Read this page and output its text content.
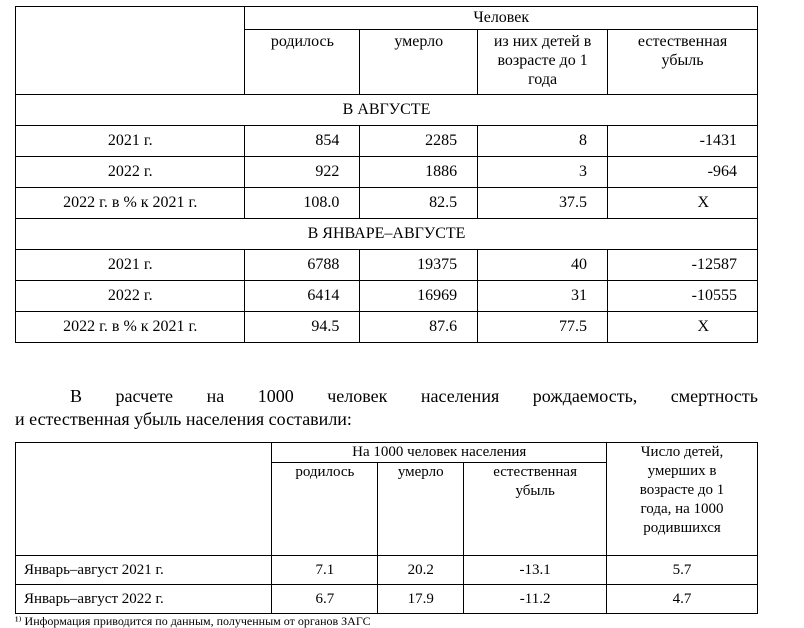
	Человек			
	родилось	умерло	из них детей в возрасте до 1 года	естественная убыль

В АВГУСТЕ				
2021 г.	854	2285	8	-1431
2022 г.	922	1886	3	-964
2022 г. в % к 2021 г.	108.0	82.5	37.5	X
В ЯНВАРЕ–АВГУСТЕ				
2021 г.	6788	19375	40	-12587
2022 г.	6414	16969	31	-10555
2022 г. в % к 2021 г.	94.5	87.6	77.5	X
В расчете на 1000 человек населения рождаемость, смертность
и естественная убыль населения составили:
	На 1000 человек населения			Число детей, умерших в возрасте до 1 года, на 1000 родившихся

	родилось	умерло	естественная убыль	

Январь–август 2021 г.	7.1	20.2	-13.1	5.7
Январь–август 2022 г.	6.7	17.9	-11.2	4.7
¹⁾ Информация приводится по данным, полученным от органов ЗАГС
